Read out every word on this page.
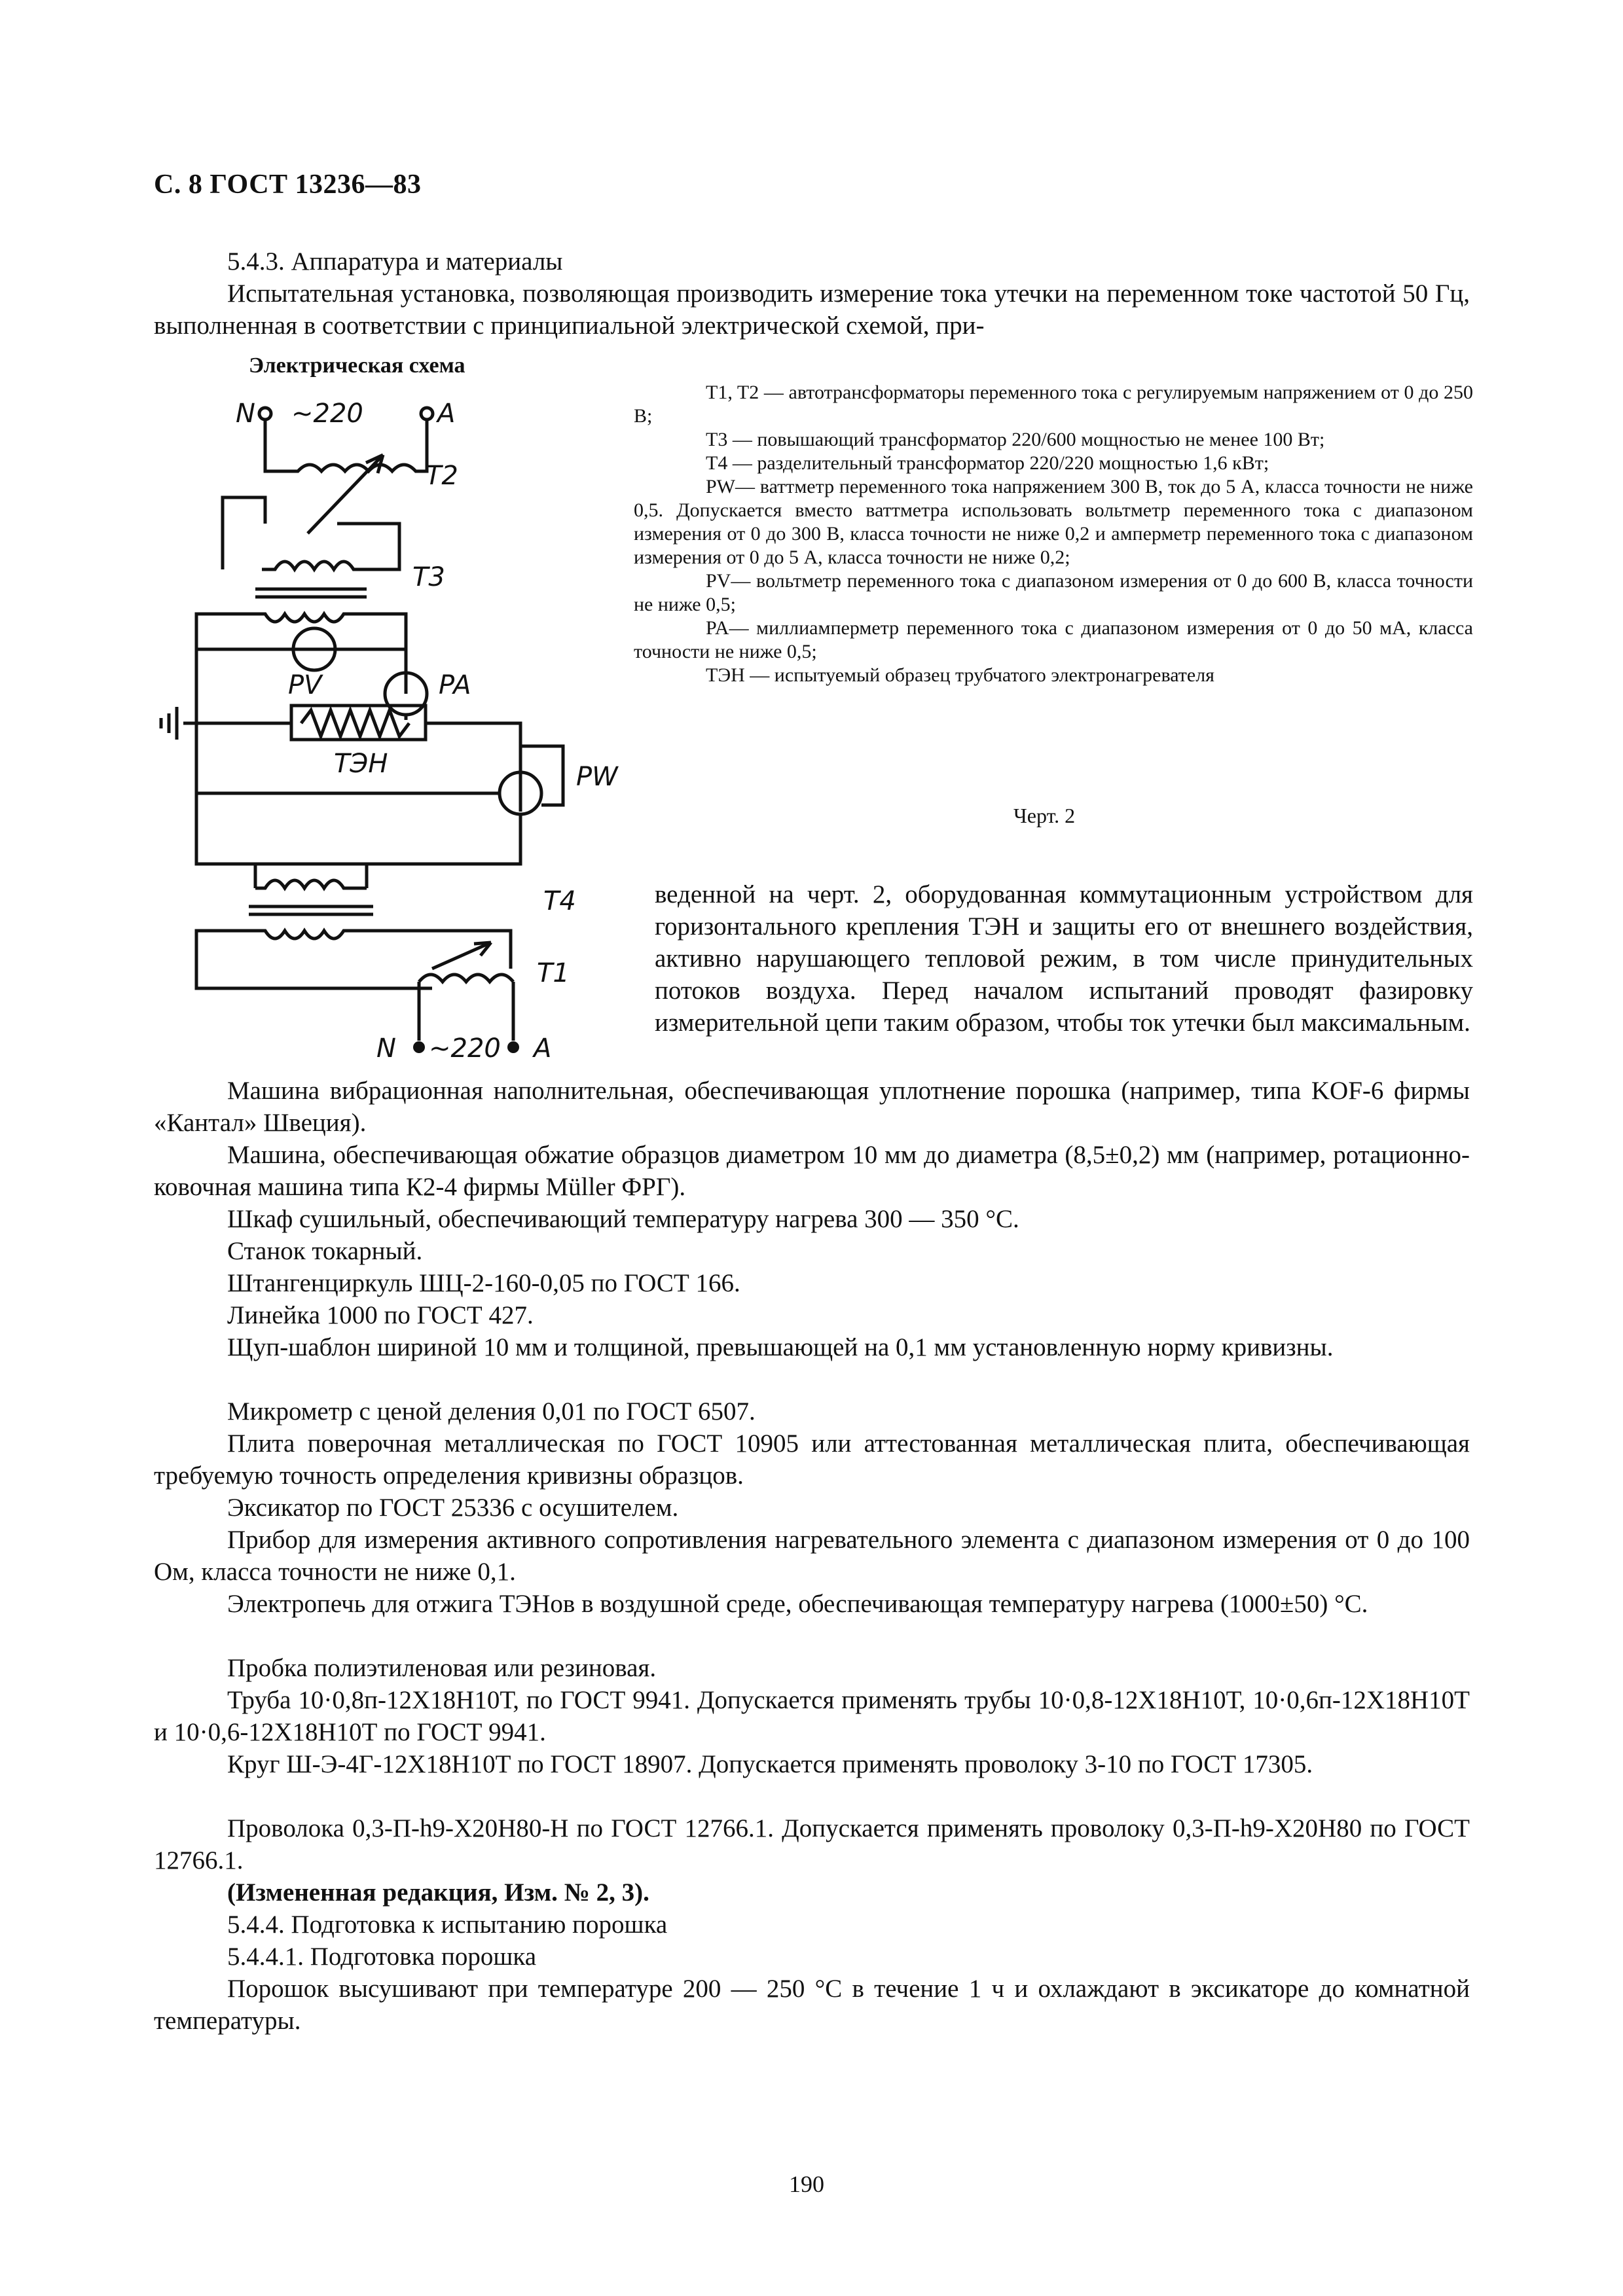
С. 8 ГОСТ 13236—83
5.4.3. Аппаратура и материалы
Испытательная установка, позволяющая производить измерение тока утечки на переменном токе частотой 50 Гц, выполненная в соответствии с принципиальной электрической схемой, при-
Электрическая схема
N ~220	A
T2
T3
PV	PA
ТЭН	PW
T4
T1
N ~220 A

T1, T2 — автотрансформаторы переменного тока с регулируемым напряжением от 0 до 250 В;

T3 — повышающий трансформатор 220/600 мощностью не менее 100 Вт;

T4 — разделительный трансформатор 220/220 мощностью 1,6 кВт;

PW— ваттметр переменного тока напряжением 300 В, ток до 5 А, класса точности не ниже 0,5. Допускается вместо ваттметра использовать вольтметр переменного тока с диапазоном измерения от 0 до 300 В, класса точности не ниже 0,2 и амперметр переменного тока с диапазоном измерения от 0 до 5 А, класса точности не ниже 0,2;

PV— вольтметр переменного тока с диапазоном измерения от 0 до 600 В, класса точности не ниже 0,5;

PA— миллиамперметр переменного тока с диапазоном измерения от 0 до 50 мА, класса точности не ниже 0,5;

ТЭН — испытуемый образец трубчатого электронагревателя

Черт. 2
веденной на черт. 2, оборудованная коммутационным устройством для горизонтального крепления ТЭН и защиты его от внешнего воздействия, активно нарушающего тепловой режим, в том числе принудительных потоков воздуха. Перед началом испытаний проводят фазировку измерительной цепи таким образом, чтобы ток утечки был максимальным.
Машина вибрационная наполнительная, обеспечивающая уплотнение порошка (например, типа KOF-6 фирмы «Кантал» Швеция).
Машина, обеспечивающая обжатие образцов диаметром 10 мм до диаметра (8,5±0,2) мм (например, ротационно-ковочная машина типа К2-4 фирмы Müller ФРГ).
Шкаф сушильный, обеспечивающий температуру нагрева 300 — 350 °С.
Станок токарный.
Штангенциркуль ШЦ-2-160-0,05 по ГОСТ 166.
Линейка 1000 по ГОСТ 427.
Щуп-шаблон шириной 10 мм и толщиной, превышающей на 0,1 мм установленную норму кривизны.
Микрометр с ценой деления 0,01 по ГОСТ 6507.
Плита поверочная металлическая по ГОСТ 10905 или аттестованная металлическая плита, обеспечивающая требуемую точность определения кривизны образцов.
Эксикатор по ГОСТ 25336 с осушителем.
Прибор для измерения активного сопротивления нагревательного элемента с диапазоном измерения от 0 до 100 Ом, класса точности не ниже 0,1.
Электропечь для отжига ТЭНов в воздушной среде, обеспечивающая температуру нагрева (1000±50) °С.
Пробка полиэтиленовая или резиновая.
Труба 10·0,8п-12Х18Н10Т, по ГОСТ 9941. Допускается применять трубы 10·0,8-12Х18Н10Т, 10·0,6п-12Х18Н10Т и 10·0,6-12Х18Н10Т по ГОСТ 9941.
Круг Ш-Э-4Г-12Х18Н10Т по ГОСТ 18907. Допускается применять проволоку 3-10 по ГОСТ 17305.
Проволока 0,3-П-h9-Х20Н80-Н по ГОСТ 12766.1. Допускается применять проволоку 0,3-П-h9-Х20Н80 по ГОСТ 12766.1.
(Измененная редакция, Изм. № 2, 3).
5.4.4. Подготовка к испытанию порошка
5.4.4.1. Подготовка порошка
Порошок высушивают при температуре 200 — 250 °С в течение 1 ч и охлаждают в эксикаторе до комнатной температуры.
190
